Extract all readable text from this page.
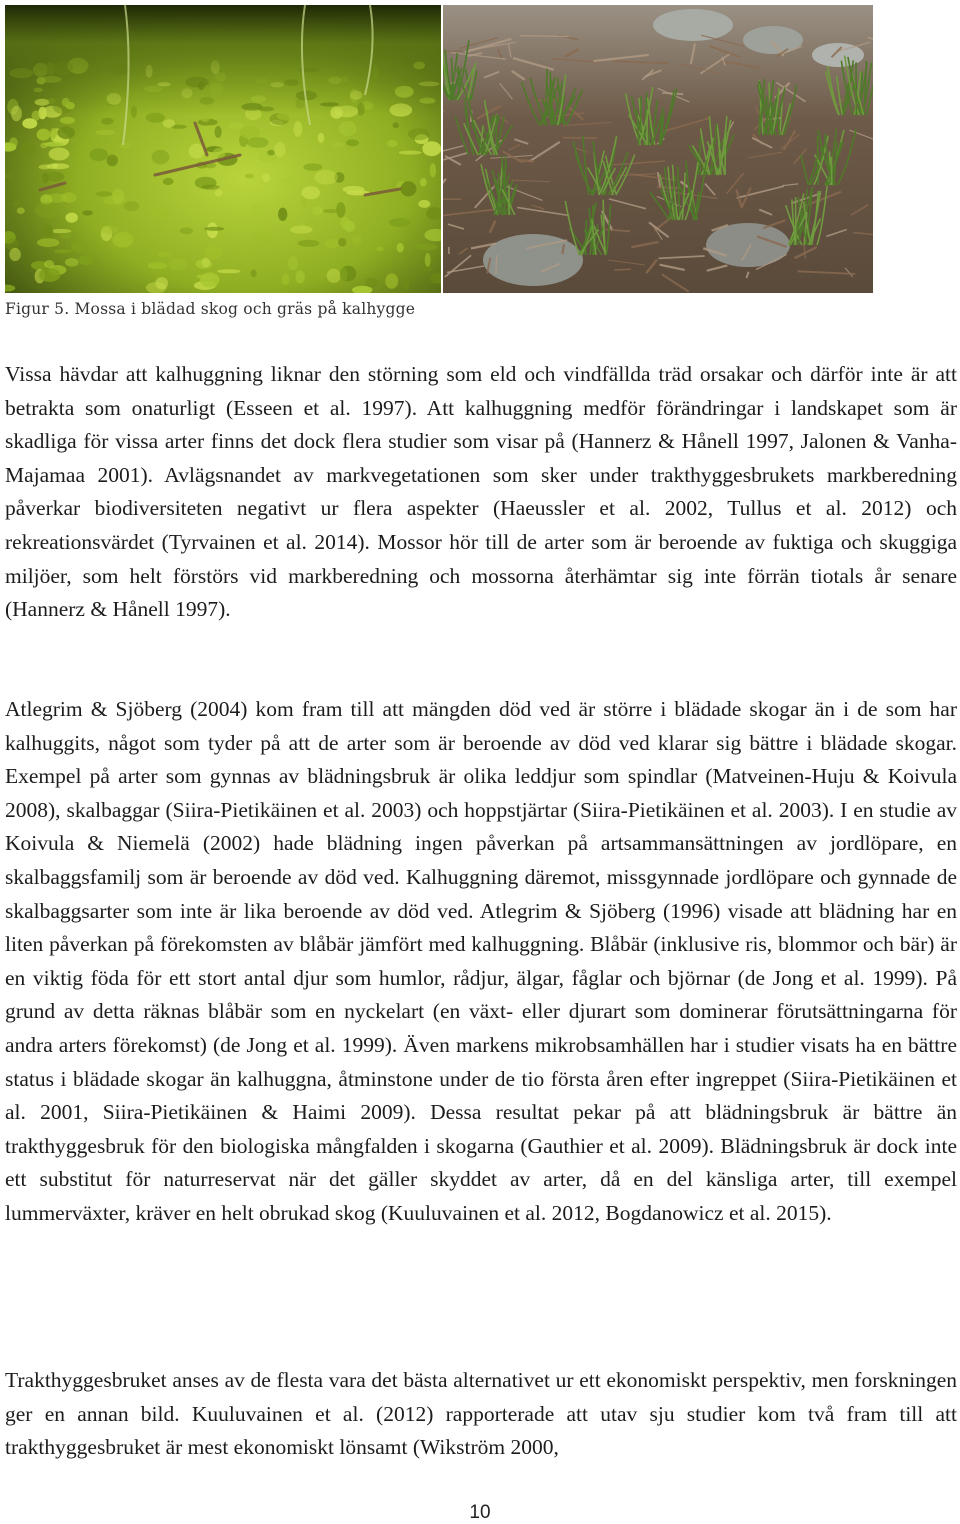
Figur 5. Mossa i blädad skog och gräs på kalhygge

Vissa hävdar att kalhuggning liknar den störning som eld och vindfällda träd orsakar och därför inte är att betrakta som onaturligt (Esseen et al. 1997). Att kalhuggning medför förändringar i landskapet som är skadliga för vissa arter finns det dock flera studier som visar på (Hannerz & Hånell 1997, Jalonen & Vanha-Majamaa 2001). Avlägsnandet av markvegetationen som sker under trakthyggesbrukets markberedning påverkar biodiversiteten negativt ur flera aspekter (Haeussler et al. 2002, Tullus et al. 2012) och rekreationsvärdet (Tyrvainen et al. 2014). Mossor hör till de arter som är beroende av fuktiga och skuggiga miljöer, som helt förstörs vid markberedning och mossorna återhämtar sig inte förrän tiotals år senare (Hannerz & Hånell 1997).

Atlegrim & Sjöberg (2004) kom fram till att mängden död ved är större i blädade skogar än i de som har kalhuggits, något som tyder på att de arter som är beroende av död ved klarar sig bättre i blädade skogar. Exempel på arter som gynnas av blädningsbruk är olika leddjur som spindlar (Matveinen-Huju & Koivula 2008), skalbaggar (Siira-Pietikäinen et al. 2003) och hoppstjärtar (Siira-Pietikäinen et al. 2003). I en studie av Koivula & Niemelä (2002) hade blädning ingen påverkan på artsammansättningen av jordlöpare, en skalbaggsfamilj som är beroende av död ved. Kalhuggning däremot, missgynnade jordlöpare och gynnade de skalbaggsarter som inte är lika beroende av död ved. Atlegrim & Sjöberg (1996) visade att blädning har en liten påverkan på förekomsten av blåbär jämfört med kalhuggning. Blåbär (inklusive ris, blommor och bär) är en viktig föda för ett stort antal djur som humlor, rådjur, älgar, fåglar och björnar (de Jong et al. 1999). På grund av detta räknas blåbär som en nyckelart (en växt- eller djurart som dominerar förutsättningarna för andra arters förekomst) (de Jong et al. 1999). Även markens mikrobsamhällen har i studier visats ha en bättre status i blädade skogar än kalhuggna, åtminstone under de tio första åren efter ingreppet (Siira-Pietikäinen et al. 2001, Siira-Pietikäinen & Haimi 2009). Dessa resultat pekar på att blädningsbruk är bättre än trakthyggesbruk för den biologiska mångfalden i skogarna (Gauthier et al. 2009). Blädningsbruk är dock inte ett substitut för naturreservat när det gäller skyddet av arter, då en del känsliga arter, till exempel lummerväxter, kräver en helt obrukad skog (Kuuluvainen et al. 2012, Bogdanowicz et al. 2015).

Trakthyggesbruket anses av de flesta vara det bästa alternativet ur ett ekonomiskt perspektiv, men forskningen ger en annan bild. Kuuluvainen et al. (2012) rapporterade att utav sju studier kom två fram till att trakthyggesbruket är mest ekonomiskt lönsamt (Wikström 2000,

10
